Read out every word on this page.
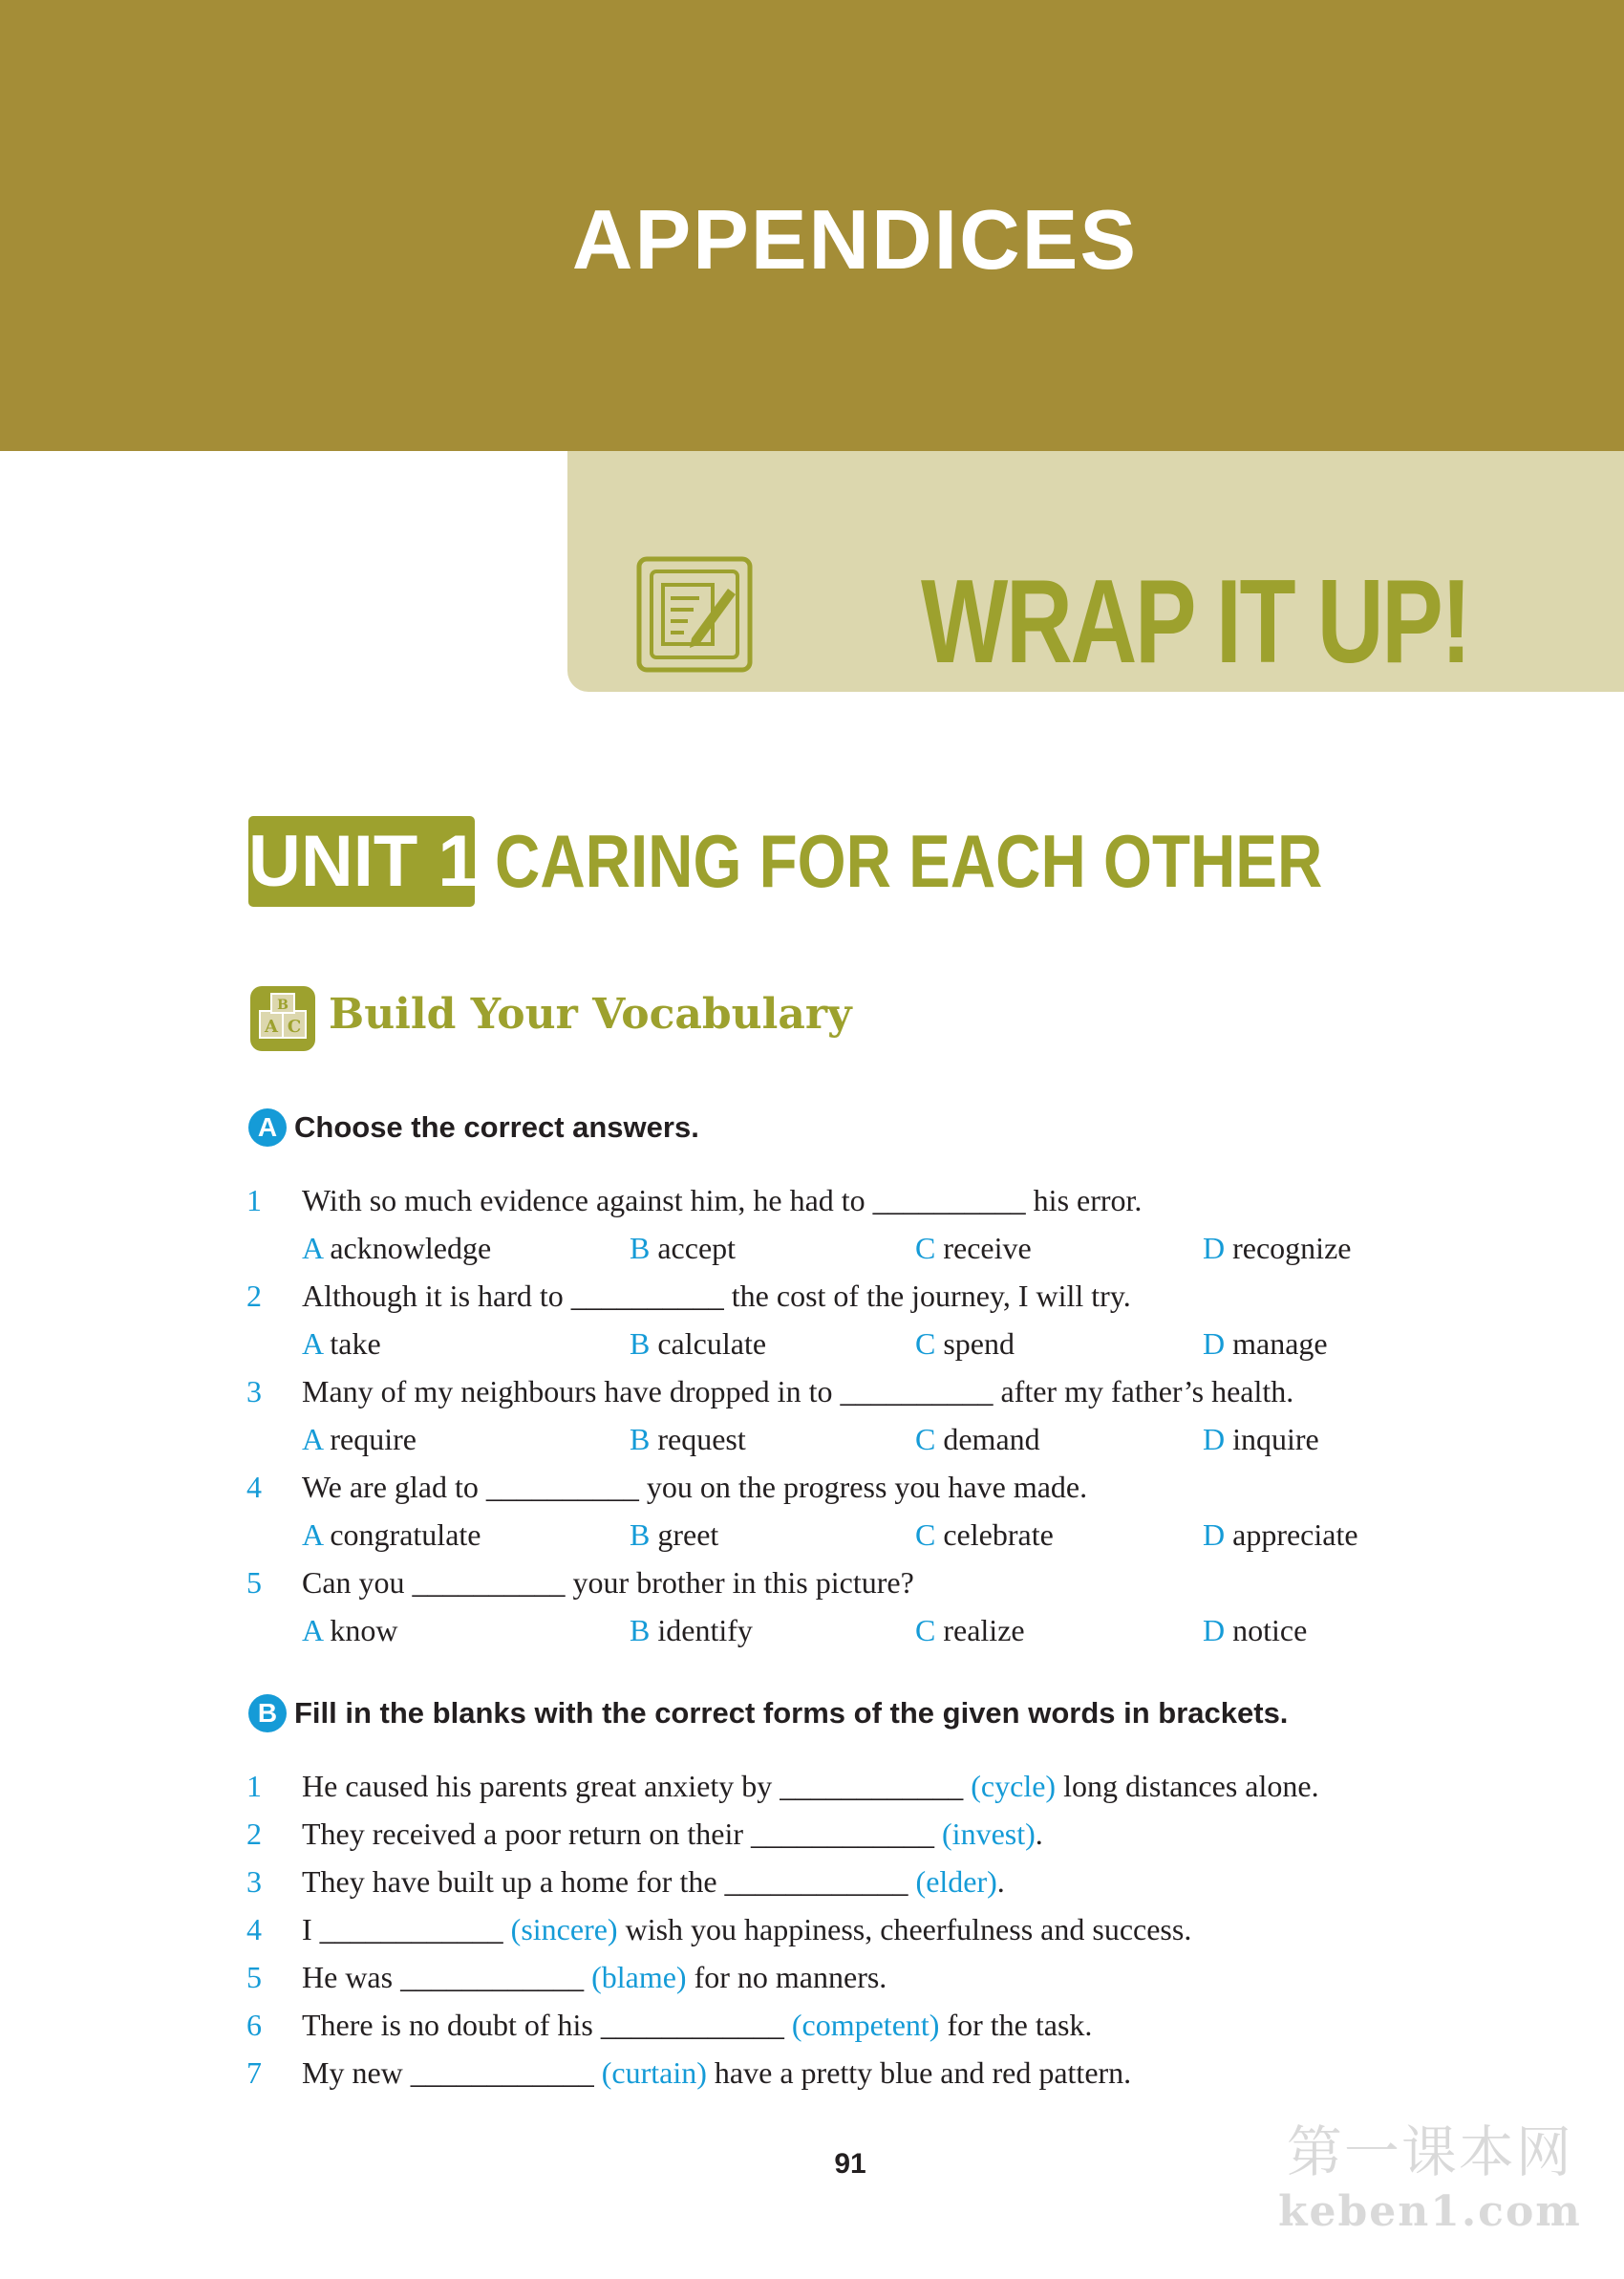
APPENDICES
WRAP IT UP!
UNIT 1 CARING FOR EACH OTHER
A C
B Build Your Vocabulary
A Choose the correct answers.
1 With so much evidence against him, he had to __________ his error.
A acknowledge	B accept	C receive	D recognize
2 Although it is hard to __________ the cost of the journey, I will try.
A take	B calculate	C spend	D manage
3 Many of my neighbours have dropped in to __________ after my father’s health.
A require	B request	C demand	D inquire
4 We are glad to __________ you on the progress you have made.
A congratulate	B greet	C celebrate	D appreciate
5 Can you __________ your brother in this picture?
A know	B identify	C realize	D notice
B Fill in the blanks with the correct forms of the given words in brackets.
1 He caused his parents great anxiety by ____________ (cycle) long distances alone.
2 They received a poor return on their ____________ (invest).
3 They have built up a home for the ____________ (elder).
4 I ____________ (sincere) wish you happiness, cheerfulness and success.
5 He was ____________ (blame) for no manners.
6 There is no doubt of his ____________ (competent) for the task.
7 My new ____________ (curtain) have a pretty blue and red pattern.
91	第一课本网
keben1.com
